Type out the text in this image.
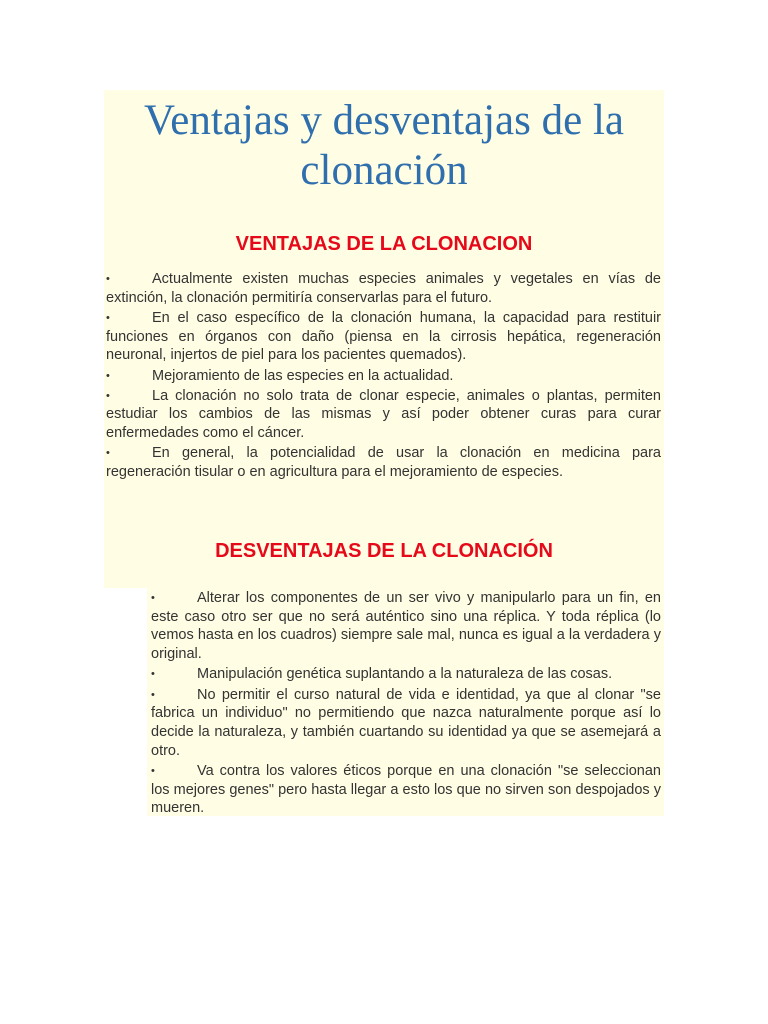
Ventajas y desventajas de la clonación
VENTAJAS DE LA CLONACION
•	Actualmente existen muchas especies animales y vegetales en vías de extinción, la clonación permitiría conservarlas para el futuro.
•	En el caso específico de la clonación humana, la capacidad para restituir funciones en órganos con daño (piensa en la cirrosis hepática, regeneración neuronal, injertos de piel para los pacientes quemados).
•	Mejoramiento de las especies en la actualidad.
•	La clonación no solo trata de clonar especie, animales o plantas, permiten estudiar los cambios de las mismas y así poder obtener curas para curar enfermedades como el cáncer.
•	En general, la potencialidad de usar la clonación en medicina para regeneración tisular o en agricultura para el mejoramiento de especies.
DESVENTAJAS DE LA CLONACIÓN
•	Alterar los componentes de un ser vivo y manipularlo para un fin, en este caso otro ser que no será auténtico sino una réplica. Y toda réplica (lo vemos hasta en los cuadros) siempre sale mal, nunca es igual a la verdadera y original.
•	Manipulación genética suplantando a la naturaleza de las cosas.
•	No permitir el curso natural de vida e identidad, ya que al clonar "se fabrica un individuo" no permitiendo que nazca naturalmente porque así lo decide la naturaleza, y también cuartando su identidad ya que se asemejará a otro.
•	Va contra los valores éticos porque en una clonación "se seleccionan los mejores genes" pero hasta llegar a esto los que no sirven son despojados y mueren.
